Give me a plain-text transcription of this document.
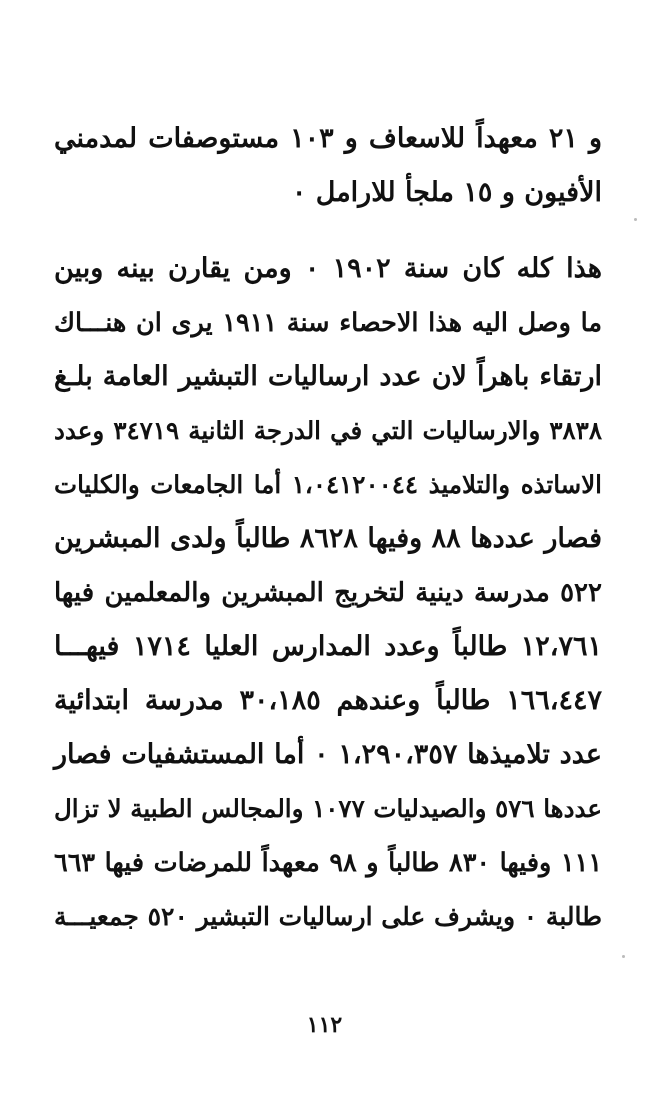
و ٢١ معهداً للاسعاف و ١٠٣ مستوصفات لمدمني
الأفيون و ١٥ ملجأ للارامل ٠
هذا كله كان سنة ١٩٠٢ ٠ ومن يقارن بينه وبين
ما وصل اليه هذا الاحصاء سنة ١٩١١ يرى ان هنـــاك
ارتقاء باهراً لان عدد ارساليات التبشير العامة بلـغ
٣٨٣٨ والارساليات التي في الدرجة الثانية ٣٤٧١٩ وعدد
الاساتذه والتلاميذ ١،٠٤١٢٠٠٤٤ أما الجامعات والكليات
فصار عددها ٨٨ وفيها ٨٦٢٨ طالباً ولدى المبشرين
٥٢٢ مدرسة دينية لتخريج المبشرين والمعلمين فيها
١٢،٧٦١ طالباً وعدد المدارس العليا ١٧١٤ فيهـــا
١٦٦،٤٤٧ طالباً وعندهم ٣٠،١٨٥ مدرسة ابتدائية
عدد تلاميذها ١،٢٩٠،٣٥٧ ٠ أما المستشفيات فصار
عددها ٥٧٦ والصيدليات ١٠٧٧ والمجالس الطبية لا تزال
١١١ وفيها ٨٣٠ طالباً و ٩٨ معهداً للمرضات فيها ٦٦٣
طالبة ٠ ويشرف على ارساليات التبشير ٥٢٠ جمعيـــة
١١٢
